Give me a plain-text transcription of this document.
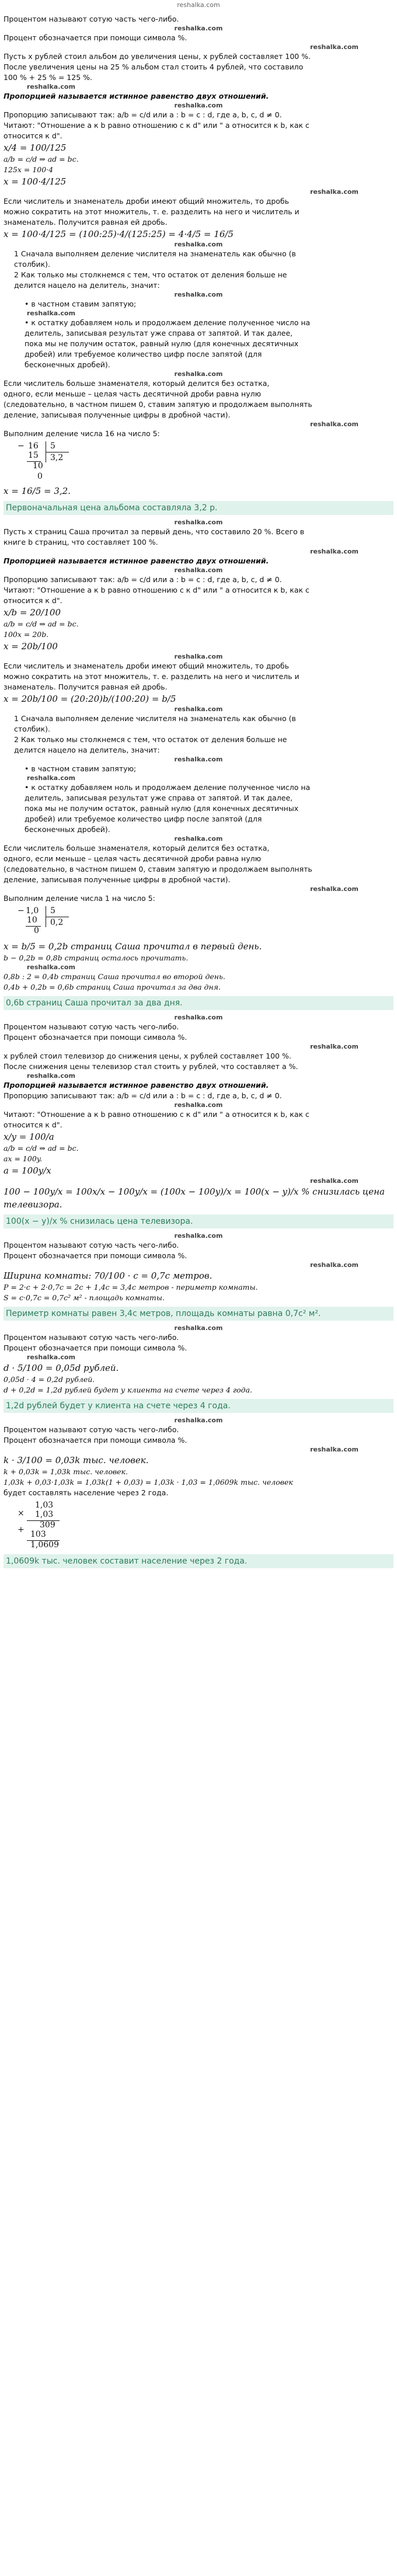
reshalka.com
Процентом называют сотую часть чего-либо.
reshalka.com
Процент обозначается при помощи символа %.
reshalka.com
Пусть x рублей стоил альбом до увеличения цены, x рублей составляет 100 %.
После увеличения цены на 25 % альбом стал стоить 4 рублей, что составило
100 % + 25 % = 125 %.
reshalka.com
Пропорцией называется истинное равенство двух отношений.
reshalka.com
Пропорцию записывают так: a/b = c/d или a : b = c : d, где a, b, c, d ≠ 0.
Читают: "Отношение a к b равно отношению c к d" или " a относится к b, как c
относится к d".
x/4 = 100/125
a/b = c/d ⇒ ad = bc.
125x = 100·4
x = 100·4/125
reshalka.com
Если числитель и знаменатель дроби имеют общий множитель, то дробь
можно сократить на этот множитель, т. е. разделить на него и числитель и
знаменатель. Получится равная ей дробь.
x = 100·4/125 = (100:25)·4/(125:25) = 4·4/5 = 16/5
reshalka.com
1 Сначала выполняем деление числителя на знаменатель как обычно (в
столбик).
2 Как только мы столкнемся с тем, что остаток от деления больше не
делится нацело на делитель, значит:
reshalka.com
• в частном ставим запятую;
reshalka.com
• к остатку добавляем ноль и продолжаем деление полученное число на
делитель, записывая результат уже справа от запятой. И так далее,
пока мы не получим остаток, равный нулю (для конечных десятичных
дробей) или требуемое количество цифр после запятой (для
бесконечных дробей).
reshalka.com
Если числитель больше знаменателя, который делится без остатка,
одного, если меньше – целая часть десятичной дроби равна нулю
(следовательно, в частном пишем 0, ставим запятую и продолжаем выполнять
деление, записывая полученные цифры в дробной части).
reshalka.com
Выполним деление числа 16 на число 5:
− 16 5
3,2
15
10
0
x = 16/5 = 3,2.
Первоначальная цена альбома составляла 3,2 р.
reshalka.com
Пусть x страниц Саша прочитал за первый день, что составило 20 %. Всего в
книге b страниц, что составляет 100 %.
reshalka.com
Пропорцией называется истинное равенство двух отношений.
reshalka.com
Пропорцию записывают так: a/b = c/d или a : b = c : d, где a, b, c, d ≠ 0.
Читают: "Отношение a к b равно отношению c к d" или " a относится к b, как c
относится к d".
x/b = 20/100
a/b = c/d ⇒ ad = bc.
100x = 20b.
x = 20b/100
reshalka.com
Если числитель и знаменатель дроби имеют общий множитель, то дробь
можно сократить на этот множитель, т. е. разделить на него и числитель и
знаменатель. Получится равная ей дробь.
x = 20b/100 = (20:20)b/(100:20) = b/5
reshalka.com
1 Сначала выполняем деление числителя на знаменатель как обычно (в
столбик).
2 Как только мы столкнемся с тем, что остаток от деления больше не
делится нацело на делитель, значит:
reshalka.com
• в частном ставим запятую;
reshalka.com
• к остатку добавляем ноль и продолжаем деление полученное число на
делитель, записывая результат уже справа от запятой. И так далее,
пока мы не получим остаток, равный нулю (для конечных десятичных
дробей) или требуемое количество цифр после запятой (для
бесконечных дробей).
reshalka.com
Если числитель больше знаменателя, который делится без остатка,
одного, если меньше – целая часть десятичной дроби равна нулю
(следовательно, в частном пишем 0, ставим запятую и продолжаем выполнять
деление, записывая полученные цифры в дробной части).
reshalka.com
Выполним деление числа 1 на число 5:
− 1,0 5
0,2
10
0
x = b/5 = 0,2b страниц Саша прочитал в первый день.
b − 0,2b = 0,8b страниц осталось прочитать.
reshalka.com
0,8b : 2 = 0,4b страниц Саша прочитал во второй день.
0,4b + 0,2b = 0,6b страниц Саша прочитал за два дня.
0,6b страниц Саша прочитал за два дня.
reshalka.com
Процентом называют сотую часть чего-либо.
Процент обозначается при помощи символа %.
reshalka.com
x рублей стоил телевизор до снижения цены, x рублей составляет 100 %.
После снижения цены телевизор стал стоить y рублей, что составляет a %.
reshalka.com
Пропорцией называется истинное равенство двух отношений.
Пропорцию записывают так: a/b = c/d или a : b = c : d, где a, b, c, d ≠ 0.
reshalka.com
Читают: "Отношение a к b равно отношению c к d" или " a относится к b, как c
относится к d".
x/y = 100/a
a/b = c/d ⇒ ad = bc.
ax = 100y.
a = 100y/x
reshalka.com
100 − 100y/x = 100x/x − 100y/x = (100x − 100y)/x = 100(x − y)/x % снизилась цена телевизора.
100(x − y)/x % снизилась цена телевизора.
reshalka.com
Процентом называют сотую часть чего-либо.
Процент обозначается при помощи символа %.
reshalka.com
Ширина комнаты: 70/100 · c = 0,7c метров.
P = 2·c + 2·0,7c = 2c + 1,4c = 3,4c метров - периметр комнаты.
S = c·0,7c = 0,7c² м² - площадь комнаты.
Периметр комнаты равен 3,4c метров, площадь комнаты равна 0,7c² м².
reshalka.com
Процентом называют сотую часть чего-либо.
Процент обозначается при помощи символа %.
reshalka.com
d · 5/100 = 0,05d рублей.
0,05d · 4 = 0,2d рублей.
d + 0,2d = 1,2d рублей будет у клиента на счете через 4 года.
1,2d рублей будет у клиента на счете через 4 года.
reshalka.com
Процентом называют сотую часть чего-либо.
Процент обозначается при помощи символа %.
reshalka.com
k · 3/100 = 0,03k тыс. человек.
k + 0,03k = 1,03k тыс. человек.
1,03k + 0,03·1,03k = 1,03k(1 + 0,03) = 1,03k · 1,03 = 1,0609k тыс. человек
будет составлять население через 2 года.
×
1,03
1,03
+ 309
103
1,0609
1,0609k тыс. человек составит население через 2 года.
